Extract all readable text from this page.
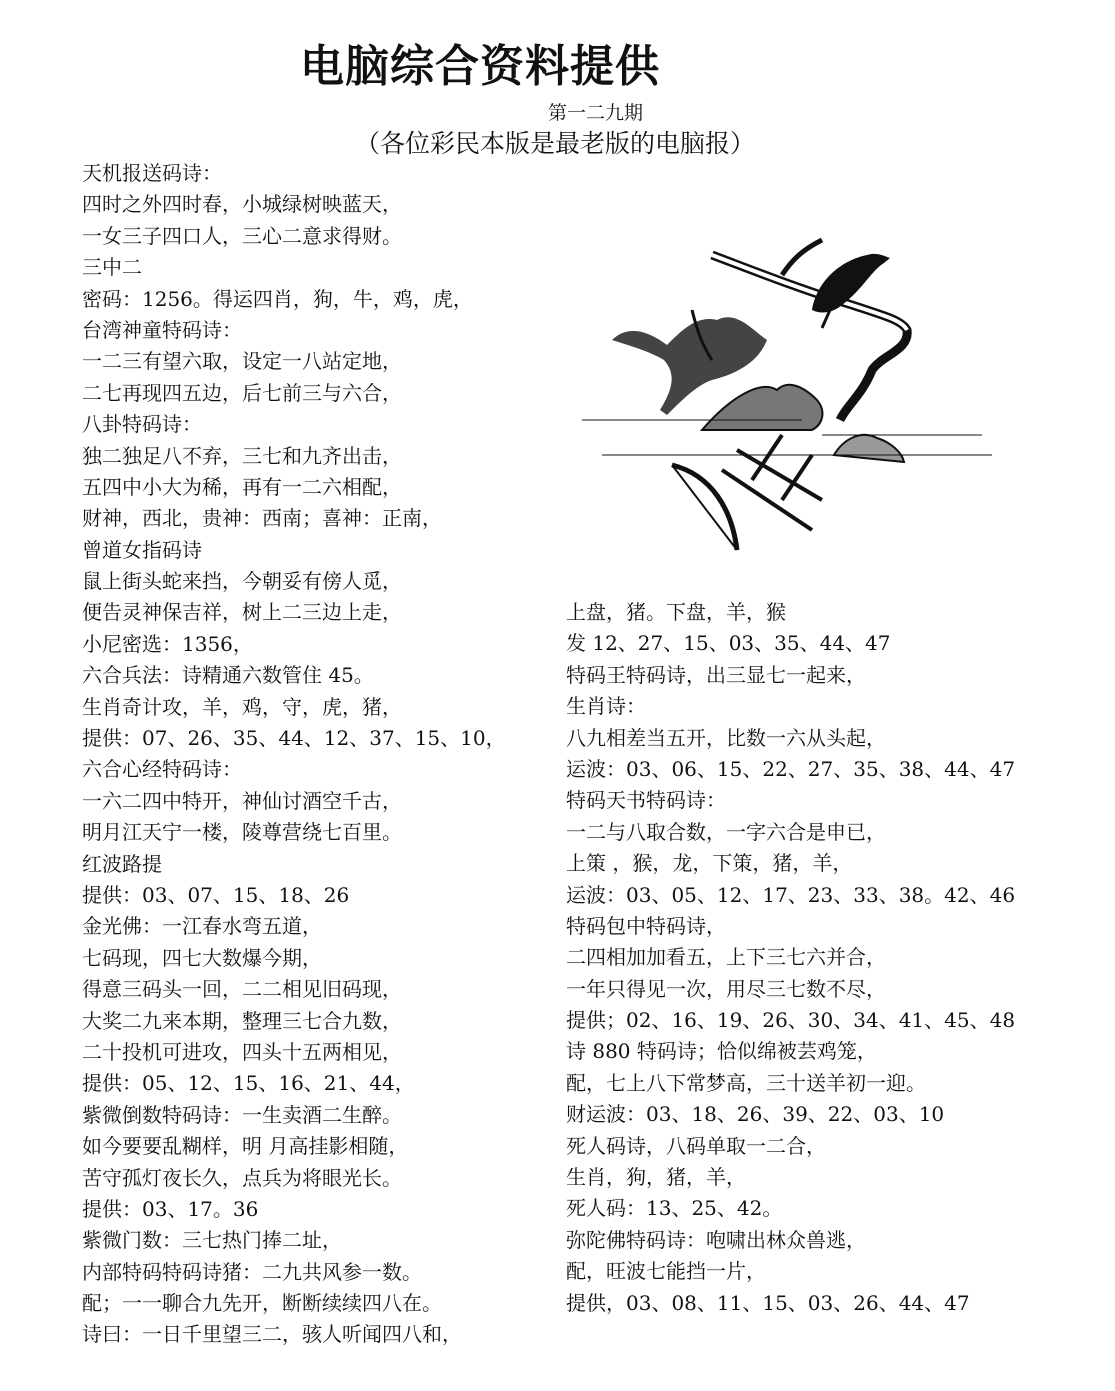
电脑综合资料提供
第一二九期
（各位彩民本版是最老版的电脑报）
天机报送码诗：
四时之外四时春，小城绿树映蓝天，
一女三子四口人，三心二意求得财。
三中二
密码：1256。得运四肖，狗，牛，鸡，虎，
台湾神童特码诗：
一二三有望六取，设定一八站定地，
二七再现四五边，后七前三与六合，
八卦特码诗：
独二独足八不弃，三七和九齐出击，
五四中小大为稀，再有一二六相配，
财神，西北，贵神：西南；喜神：正南，
曾道女指码诗
鼠上街头蛇来挡，今朝妥有傍人觅，
便告灵神保吉祥，树上二三边上走，
小尼密选：1356，
六合兵法：诗精通六数管住 45。
生肖奇计攻，羊，鸡，守，虎，猪，
提供：07、26、35、44、12、37、15、10，
六合心经特码诗：
一六二四中特开，神仙讨酒空千古，
明月江天宁一楼，陵尊营绕七百里。
红波路提
提供：03、07、15、18、26
金光佛：一江春水弯五道，
七码现，四七大数爆今期，
得意三码头一回，二二相见旧码现，
大奖二九来本期，整理三七合九数，
二十投机可进攻，四头十五两相见，
提供：05、12、15、16、21、44，
紫微倒数特码诗：一生卖酒二生醉。
如今要要乱糊样，明 月高挂影相随，
苦守孤灯夜长久，点兵为将眼光长。
提供：03、17。36
紫微门数：三七热门捧二址，
内部特码特码诗猪：二九共风参一数。
配；一一聊合九先开，断断续续四八在。
诗曰：一日千里望三二，骇人听闻四八和，
上盘，猪。下盘，羊，猴
发 12、27、15、03、35、44、47
特码王特码诗，出三显七一起来，
生肖诗：
八九相差当五开，比数一六从头起，
运波：03、06、15、22、27、35、38、44、47
特码天书特码诗：
一二与八取合数，一字六合是申已，
上策 ，猴，龙，下策，猪，羊，
运波：03、05、12、17、23、33、38。42、46
特码包中特码诗，
二四相加加看五，上下三七六并合，
一年只得见一次，用尽三七数不尽，
提供；02、16、19、26、30、34、41、45、48
诗 880 特码诗；恰似绵被芸鸡笼，
配，七上八下常梦高，三十送羊初一迎。
财运波：03、18、26、39、22、03、10
死人码诗，八码单取一二合，
生肖，狗，猪，羊，
死人码：13、25、42。
弥陀佛特码诗：咆啸出林众兽逃，
配，旺波七能挡一片，
提供，03、08、11、15、03、26、44、47
